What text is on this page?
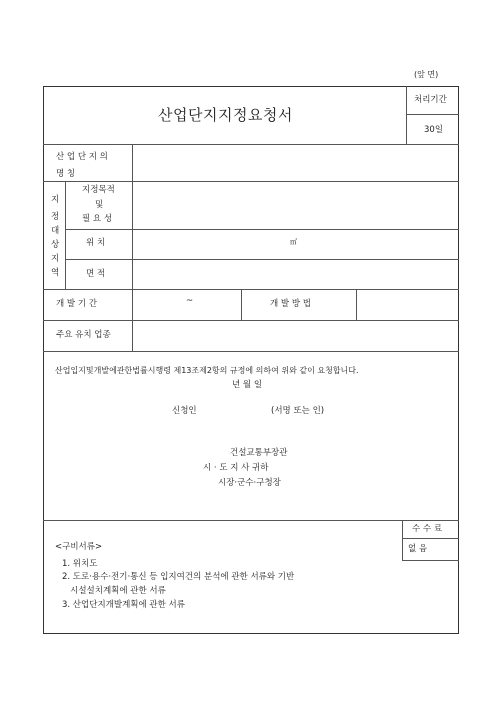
(앞 면)
산업단지지정요청서
처리기간
30일
산 업 단 지 의
명 칭
지
정
대
상
지
역
지정목적
및
필 요 성
위 치	㎡
면 적
개 발 기 간	~	개 발 방 법
주요 유치 업종
산업입지및개발에관한법률시행령 제13조제2항의 규정에 의하여 위와 같이 요청합니다.
년 월 일
신청인	(서명 또는 인)
건설교통부장관
시 · 도 지 사 귀하
시장·군수·구청장
수 수 료
없 음
<구비서류>
1. 위치도
2. 도로·용수·전기·통신 등 입지여건의 분석에 관한 서류와 기반
시설설치계획에 관한 서류
3. 산업단지개발계획에 관한 서류
